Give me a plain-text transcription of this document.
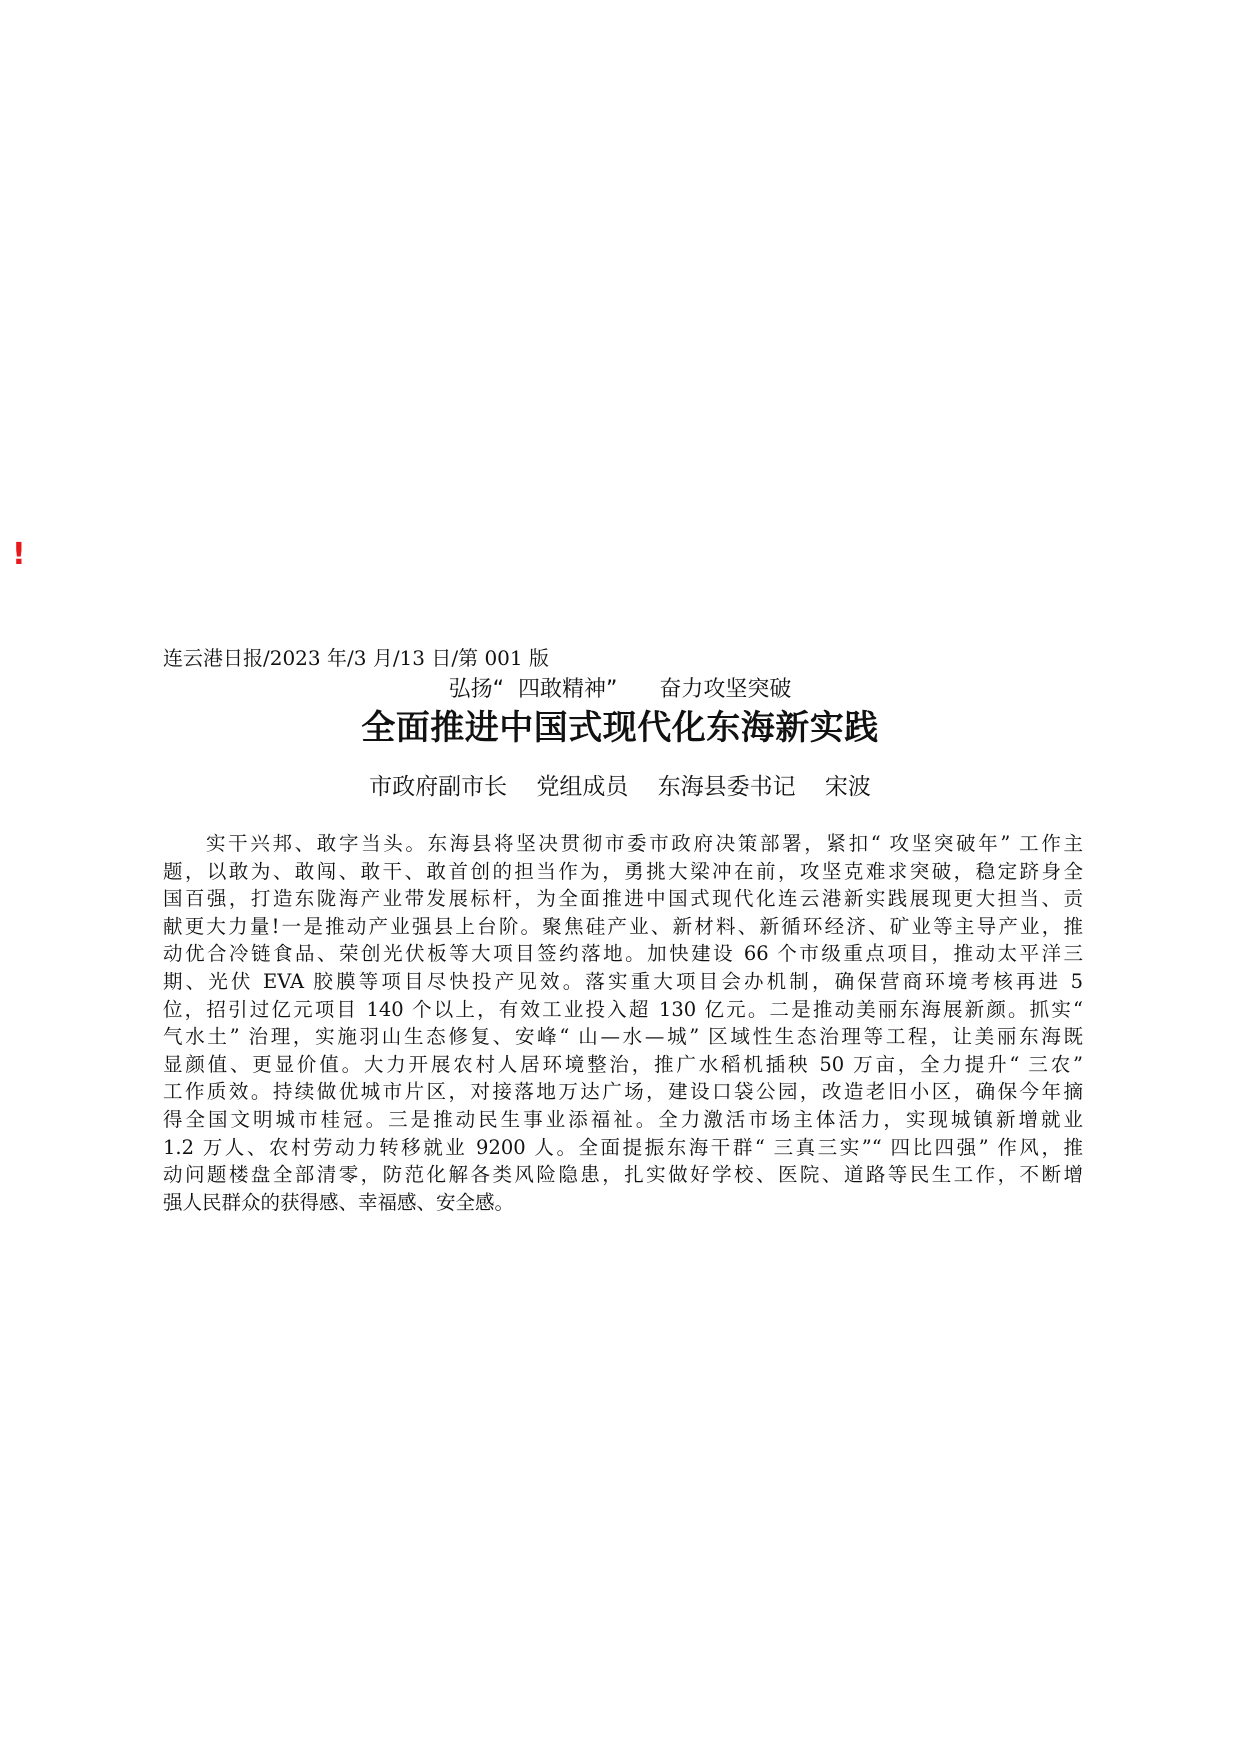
!
连云港日报/2023 年/3 月/13 日/第 001 版
弘扬“  四敢精神”      奋力攻坚突破
全面推进中国式现代化东海新实践
市政府副市长    党组成员    东海县委书记    宋波
实干兴邦、敢字当头。东海县将坚决贯彻市委市政府决策部署，紧扣“ 攻坚突破年” 工作主
题，以敢为、敢闯、敢干、敢首创的担当作为，勇挑大梁冲在前，攻坚克难求突破，稳定跻身全
国百强，打造东陇海产业带发展标杆，为全面推进中国式现代化连云港新实践展现更大担当、贡
献更大力量!一是推动产业强县上台阶。聚焦硅产业、新材料、新循环经济、矿业等主导产业，推
动优合冷链食品、荣创光伏板等大项目签约落地。加快建设 66 个市级重点项目，推动太平洋三
期、光伏 EVA 胶膜等项目尽快投产见效。落实重大项目会办机制，确保营商环境考核再进 5
位，招引过亿元项目 140 个以上，有效工业投入超 130 亿元。二是推动美丽东海展新颜。抓实“
气水土” 治理，实施羽山生态修复、安峰“ 山—水—城” 区域性生态治理等工程，让美丽东海既
显颜值、更显价值。大力开展农村人居环境整治，推广水稻机插秧 50 万亩，全力提升“ 三农”
工作质效。持续做优城市片区，对接落地万达广场，建设口袋公园，改造老旧小区，确保今年摘
得全国文明城市桂冠。三是推动民生事业添福祉。全力激活市场主体活力，实现城镇新增就业
1.2 万人、农村劳动力转移就业 9200 人。全面提振东海干群“ 三真三实”“ 四比四强” 作风，推
动问题楼盘全部清零，防范化解各类风险隐患，扎实做好学校、医院、道路等民生工作，不断增
强人民群众的获得感、幸福感、安全感。
